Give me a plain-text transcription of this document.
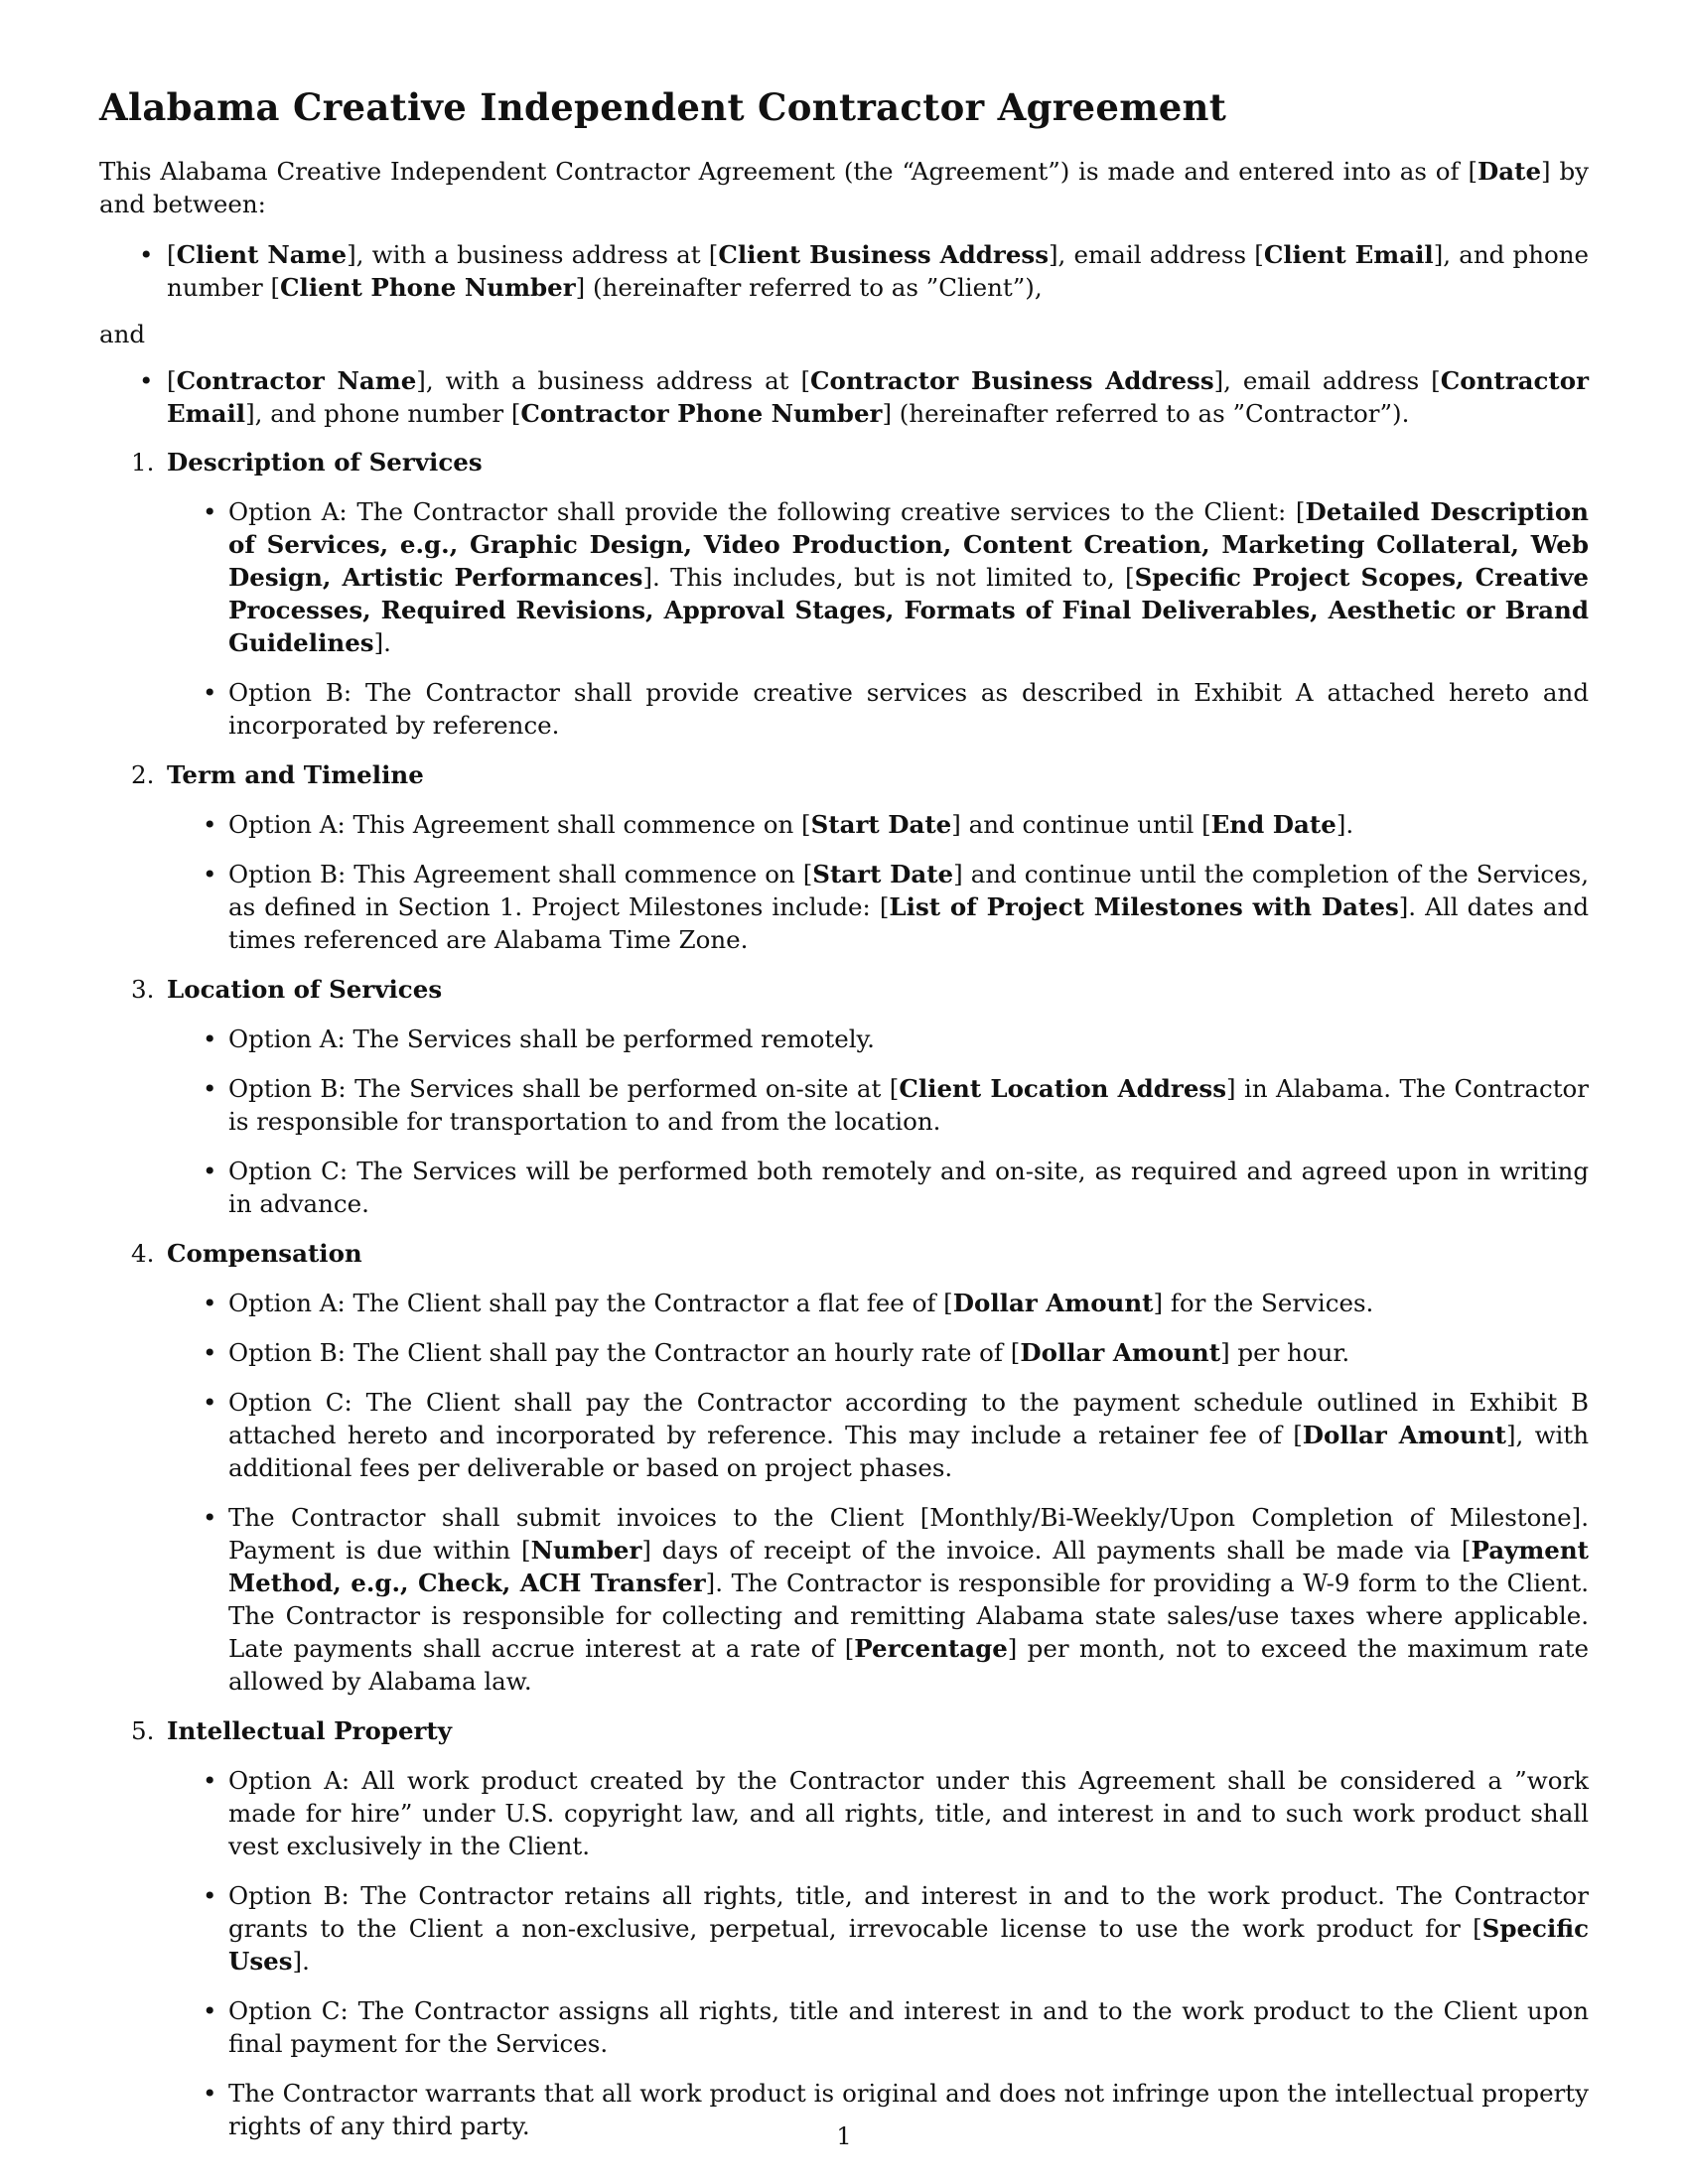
Alabama Creative Independent Contractor Agreement

This Alabama Creative Independent Contractor Agreement (the “Agreement”) is made and entered into as of [Date] by and between:

• [Client Name], with a business address at [Client Business Address], email address [Client Email], and phone number [Client Phone Number] (hereinafter referred to as ”Client”),

and

• [Contractor Name], with a business address at [Contractor Business Address], email address [Contractor Email], and phone number [Contractor Phone Number] (hereinafter referred to as ”Contractor”).
1. Description of Services
• Option A: The Contractor shall provide the following creative services to the Client: [Detailed Description of Services, e.g., Graphic Design, Video Production, Content Creation, Marketing Collateral, Web Design, Artistic Performances]. This includes, but is not limited to, [Specific Project Scopes, Creative Processes, Required Revisions, Approval Stages, Formats of Final Deliverables, Aesthetic or Brand Guidelines].
• Option B: The Contractor shall provide creative services as described in Exhibit A attached hereto and incorporated by reference.
2. Term and Timeline
• Option A: This Agreement shall commence on [Start Date] and continue until [End Date].
• Option B: This Agreement shall commence on [Start Date] and continue until the completion of the Services, as defined in Section 1. Project Milestones include: [List of Project Milestones with Dates]. All dates and times referenced are Alabama Time Zone.
3. Location of Services
• Option A: The Services shall be performed remotely.
• Option B: The Services shall be performed on-site at [Client Location Address] in Alabama. The Contractor is responsible for transportation to and from the location.
• Option C: The Services will be performed both remotely and on-site, as required and agreed upon in writing in advance.
4. Compensation
• Option A: The Client shall pay the Contractor a flat fee of [Dollar Amount] for the Services.
• Option B: The Client shall pay the Contractor an hourly rate of [Dollar Amount] per hour.
• Option C: The Client shall pay the Contractor according to the payment schedule outlined in Exhibit B attached hereto and incorporated by reference. This may include a retainer fee of [Dollar Amount], with additional fees per deliverable or based on project phases.
• The Contractor shall submit invoices to the Client [Monthly/Bi-Weekly/Upon Completion of Milestone]. Payment is due within [Number] days of receipt of the invoice. All payments shall be made via [Payment Method, e.g., Check, ACH Transfer]. The Contractor is responsible for providing a W-9 form to the Client. The Contractor is responsible for collecting and remitting Alabama state sales/use taxes where applicable. Late payments shall accrue interest at a rate of [Percentage] per month, not to exceed the maximum rate allowed by Alabama law.
5. Intellectual Property
• Option A: All work product created by the Contractor under this Agreement shall be considered a ”work made for hire” under U.S. copyright law, and all rights, title, and interest in and to such work product shall vest exclusively in the Client.
• Option B: The Contractor retains all rights, title, and interest in and to the work product. The Contractor grants to the Client a non-exclusive, perpetual, irrevocable license to use the work product for [Specific Uses].
• Option C: The Contractor assigns all rights, title and interest in and to the work product to the Client upon final payment for the Services.
• The Contractor warrants that all work product is original and does not infringe upon the intellectual property rights of any third party.	1
